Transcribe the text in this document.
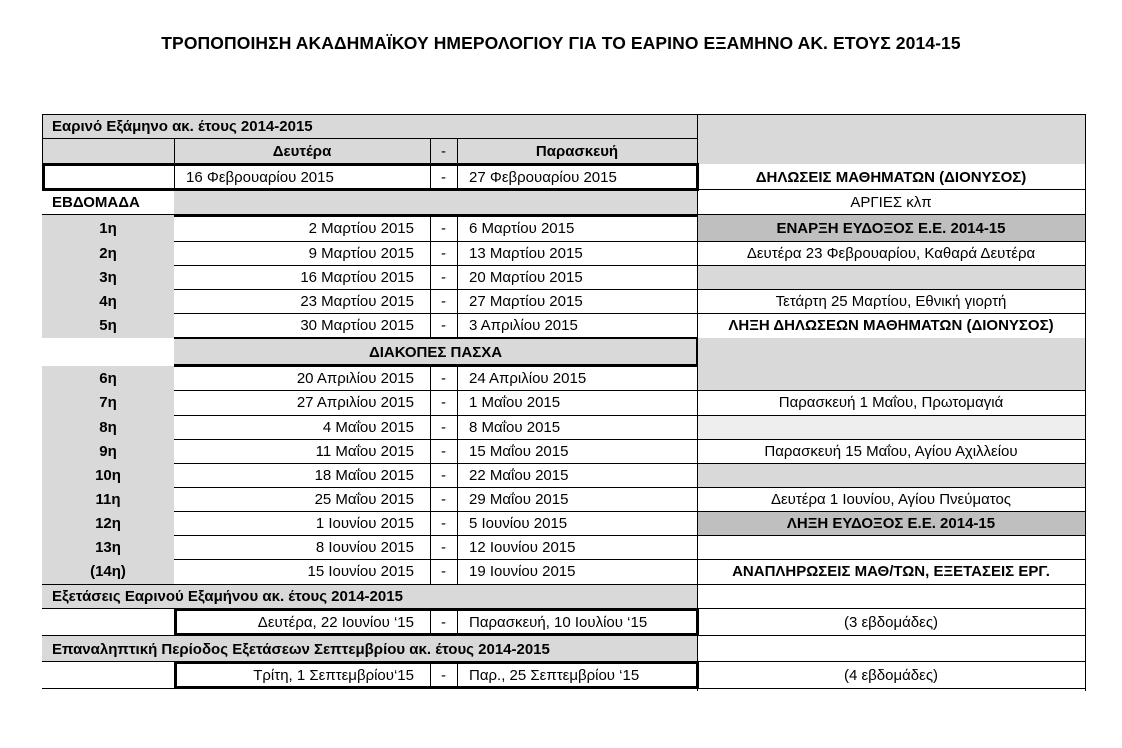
ΤΡΟΠΟΠΟΙΗΣΗ ΑΚΑΔΗΜΑΪΚΟΥ ΗΜΕΡΟΛΟΓΙΟΥ ΓΙΑ ΤΟ ΕΑΡΙΝΟ ΕΞΑΜΗΝΟ ΑΚ. ΕΤΟΥΣ 2014-15
Εαρινό Εξάμηνο ακ. έτους 2014-2015
Δευτέρα	-	Παρασκευή
16 Φεβρουαρίου 2015	-	27 Φεβρουαρίου 2015	ΔΗΛΩΣΕΙΣ ΜΑΘΗΜΑΤΩΝ (ΔΙΟΝΥΣΟΣ)
ΕΒΔΟΜΑΔΑ	ΑΡΓΙΕΣ κλπ
1η	2 Μαρτίου 2015	-	6 Μαρτίου 2015	ΕΝΑΡΞΗ ΕΥΔΟΞΟΣ Ε.Ε. 2014-15
2η	9 Μαρτίου 2015	-	13 Μαρτίου 2015	Δευτέρα 23 Φεβρουαρίου, Καθαρά Δευτέρα
3η	16 Μαρτίου 2015	-	20 Μαρτίου 2015
4η	23 Μαρτίου 2015	-	27 Μαρτίου 2015	Τετάρτη 25 Μαρτίου, Εθνική γιορτή
5η	30 Μαρτίου 2015	-	3 Απριλίου 2015	ΛΗΞΗ ΔΗΛΩΣΕΩΝ ΜΑΘΗΜΑΤΩΝ (ΔΙΟΝΥΣΟΣ)
ΔΙΑΚΟΠΕΣ ΠΑΣΧΑ
6η	20 Απριλίου 2015	-	24 Απριλίου 2015
7η	27 Απριλίου 2015	-	1 Μαΐου 2015	Παρασκευή 1 Μαΐου, Πρωτομαγιά
8η	4 Μαΐου 2015	-	8 Μαΐου 2015
9η	11 Μαΐου 2015	-	15 Μαΐου 2015	Παρασκευή 15 Μαΐου, Αγίου Αχιλλείου
10η	18 Μαΐου 2015	-	22 Μαΐου 2015
11η	25 Μαΐου 2015	-	29 Μαΐου 2015	Δευτέρα 1 Ιουνίου, Αγίου Πνεύματος
12η	1 Ιουνίου 2015	-	5 Ιουνίου 2015	ΛΗΞΗ ΕΥΔΟΞΟΣ Ε.Ε. 2014-15
13η	8 Ιουνίου 2015	-	12 Ιουνίου 2015
(14η)	15 Ιουνίου 2015	-	19 Ιουνίου 2015	ΑΝΑΠΛΗΡΩΣΕΙΣ ΜΑΘ/ΤΩΝ, ΕΞΕΤΑΣΕΙΣ ΕΡΓ.
Εξετάσεις Εαρινού Εξαμήνου ακ. έτους 2014-2015
Δευτέρα, 22 Ιουνίου ‘15	-	Παρασκευή, 10 Ιουλίου ‘15	(3 εβδομάδες)
Επαναληπτική Περίοδος Εξετάσεων Σεπτεμβρίου ακ. έτους 2014-2015
Τρίτη, 1 Σεπτεμβρίου‘15	-	Παρ., 25 Σεπτεμβρίου ‘15	(4 εβδομάδες)
